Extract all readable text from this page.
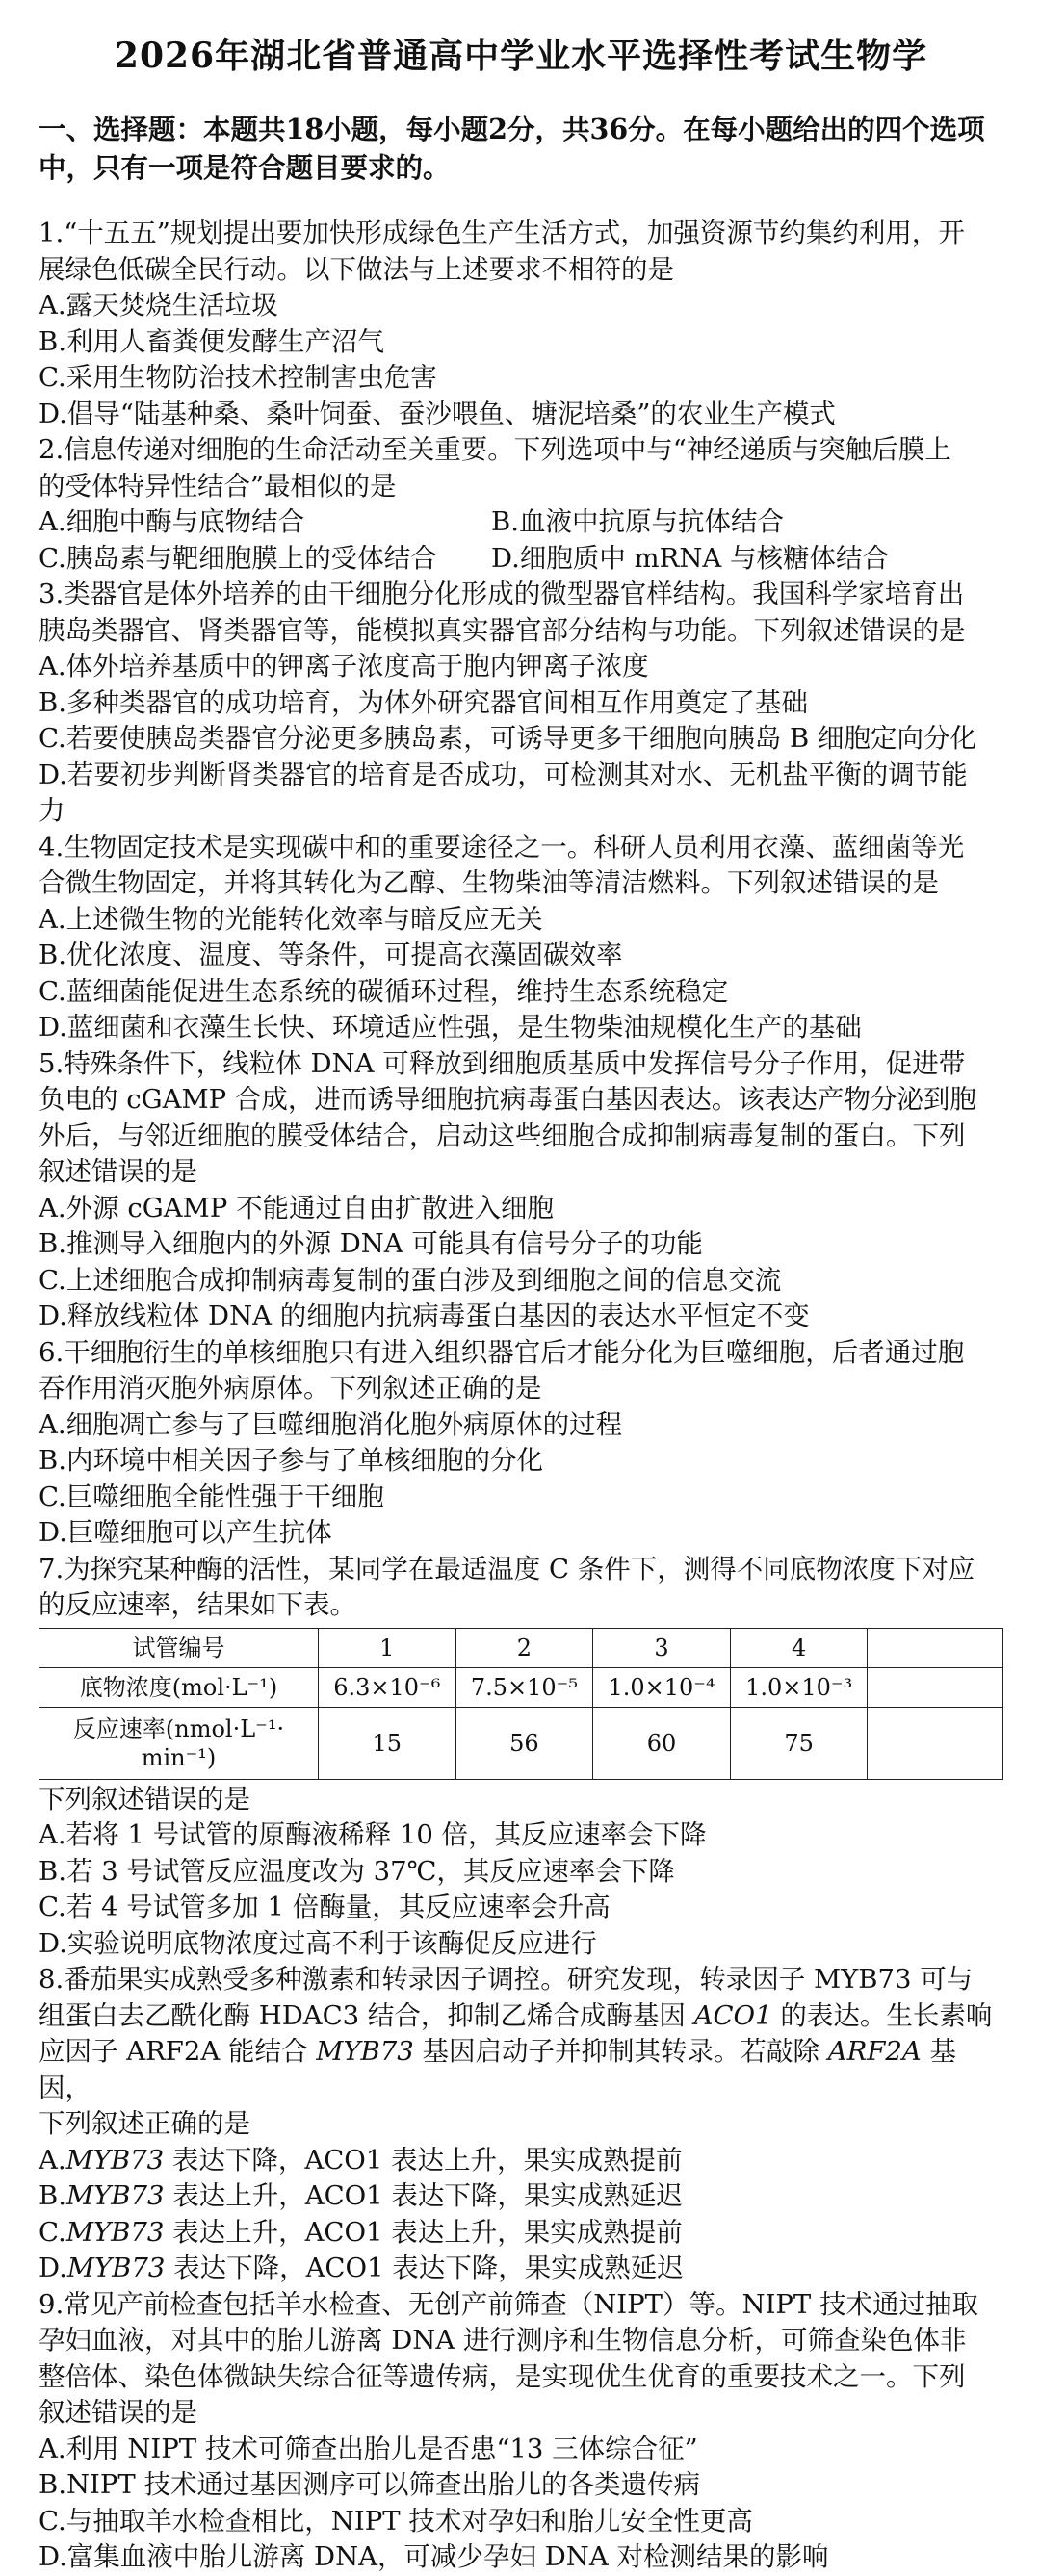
2026年湖北省普通高中学业水平选择性考试生物学
一、选择题：本题共18小题，每小题2分，共36分。在每小题给出的四个选项中，只有一项是符合题目要求的。

1.“十五五”规划提出要加快形成绿色生产生活方式，加强资源节约集约利用，开

展绿色低碳全民行动。以下做法与上述要求不相符的是

A.露天焚烧生活垃圾

B.利用人畜粪便发酵生产沼气

C.采用生物防治技术控制害虫危害

D.倡导“陆基种桑、桑叶饲蚕、蚕沙喂鱼、塘泥培桑”的农业生产模式

2.信息传递对细胞的生命活动至关重要。下列选项中与“神经递质与突触后膜上

的受体特异性结合”最相似的是

A.细胞中酶与底物结合	B.血液中抗原与抗体结合

C.胰岛素与靶细胞膜上的受体结合	D.细胞质中 mRNA 与核糖体结合

3.类器官是体外培养的由干细胞分化形成的微型器官样结构。我国科学家培育出

胰岛类器官、肾类器官等，能模拟真实器官部分结构与功能。下列叙述错误的是

A.体外培养基质中的钾离子浓度高于胞内钾离子浓度

B.多种类器官的成功培育，为体外研究器官间相互作用奠定了基础

C.若要使胰岛类器官分泌更多胰岛素，可诱导更多干细胞向胰岛 B 细胞定向分化

D.若要初步判断肾类器官的培育是否成功，可检测其对水、无机盐平衡的调节能

力

4.生物固定技术是实现碳中和的重要途径之一。科研人员利用衣藻、蓝细菌等光

合微生物固定，并将其转化为乙醇、生物柴油等清洁燃料。下列叙述错误的是

A.上述微生物的光能转化效率与暗反应无关

B.优化浓度、温度、等条件，可提高衣藻固碳效率

C.蓝细菌能促进生态系统的碳循环过程，维持生态系统稳定

D.蓝细菌和衣藻生长快、环境适应性强，是生物柴油规模化生产的基础

5.特殊条件下，线粒体 DNA 可释放到细胞质基质中发挥信号分子作用，促进带

负电的 cGAMP 合成，进而诱导细胞抗病毒蛋白基因表达。该表达产物分泌到胞

外后，与邻近细胞的膜受体结合，启动这些细胞合成抑制病毒复制的蛋白。下列

叙述错误的是

A.外源 cGAMP 不能通过自由扩散进入细胞

B.推测导入细胞内的外源 DNA 可能具有信号分子的功能

C.上述细胞合成抑制病毒复制的蛋白涉及到细胞之间的信息交流

D.释放线粒体 DNA 的细胞内抗病毒蛋白基因的表达水平恒定不变

6.干细胞衍生的单核细胞只有进入组织器官后才能分化为巨噬细胞，后者通过胞

吞作用消灭胞外病原体。下列叙述正确的是

A.细胞凋亡参与了巨噬细胞消化胞外病原体的过程

B.内环境中相关因子参与了单核细胞的分化

C.巨噬细胞全能性强于干细胞

D.巨噬细胞可以产生抗体

7.为探究某种酶的活性，某同学在最适温度 C 条件下，测得不同底物浓度下对应

的反应速率，结果如下表。

试管编号	1	2	3	4	
底物浓度(mol·L⁻¹)	6.3×10⁻⁶	7.5×10⁻⁵	1.0×10⁻⁴	1.0×10⁻³	

反应速率(nmol·L⁻¹·
min⁻¹)	15	56	60	75	

下列叙述错误的是

A.若将 1 号试管的原酶液稀释 10 倍，其反应速率会下降

B.若 3 号试管反应温度改为 37℃，其反应速率会下降

C.若 4 号试管多加 1 倍酶量，其反应速率会升高

D.实验说明底物浓度过高不利于该酶促反应进行

8.番茄果实成熟受多种激素和转录因子调控。研究发现，转录因子 MYB73 可与

组蛋白去乙酰化酶 HDAC3 结合，抑制乙烯合成酶基因 ACO1 的表达。生长素响

应因子 ARF2A 能结合 MYB73 基因启动子并抑制其转录。若敲除 ARF2A 基因，

下列叙述正确的是

A.MYB73 表达下降，ACO1 表达上升，果实成熟提前

B.MYB73 表达上升，ACO1 表达下降，果实成熟延迟

C.MYB73 表达上升，ACO1 表达上升，果实成熟提前

D.MYB73 表达下降，ACO1 表达下降，果实成熟延迟

9.常见产前检查包括羊水检查、无创产前筛查（NIPT）等。NIPT 技术通过抽取

孕妇血液，对其中的胎儿游离 DNA 进行测序和生物信息分析，可筛查染色体非

整倍体、染色体微缺失综合征等遗传病，是实现优生优育的重要技术之一。下列

叙述错误的是

A.利用 NIPT 技术可筛查出胎儿是否患“13 三体综合征”

B.NIPT 技术通过基因测序可以筛查出胎儿的各类遗传病

C.与抽取羊水检查相比，NIPT 技术对孕妇和胎儿安全性更高

D.富集血液中胎儿游离 DNA，可减少孕妇 DNA 对检测结果的影响
